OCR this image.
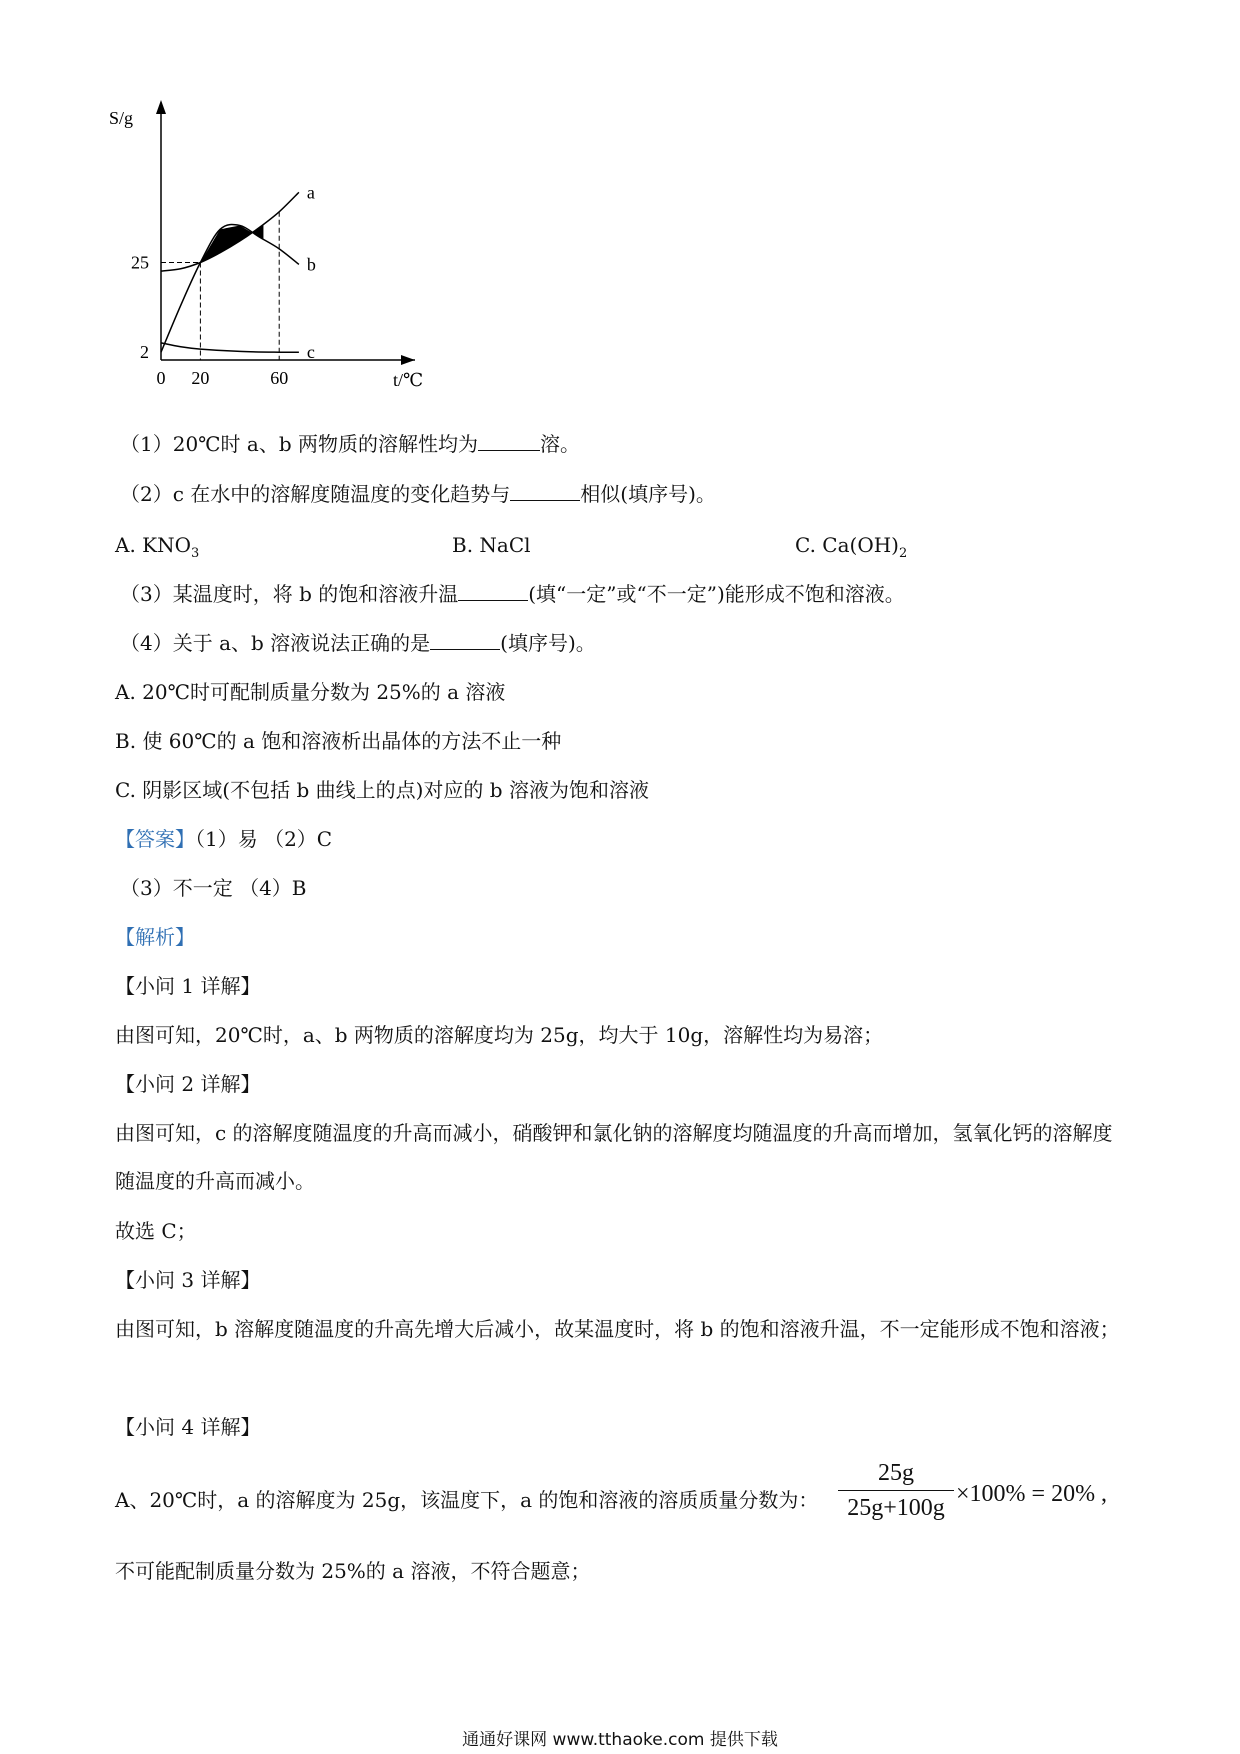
a
b
c
0 20	60
25
2
S/g
t/℃
（1）20℃时 a、b 两物质的溶解性均为	溶。
（2）c 在水中的溶解度随温度的变化趋势与	相似(填序号)。
A. $KNO_3$	B. NaCl	C. $Ca(OH)_2$
（3）某温度时，将 b 的饱和溶液升温	(填“一定”或“不一定”)能形成不饱和溶液。
（4）关于 a、b 溶液说法正确的是	(填序号)。
A. 20℃时可配制质量分数为 25%的 a 溶液
B. 使 60℃的 a 饱和溶液析出晶体的方法不止一种
C. 阴影区域(不包括 b 曲线上的点)对应的 b 溶液为饱和溶液
【答案】（1）易 （2）C
（3）不一定 （4）B
【解析】
【小问 1 详解】
由图可知，20℃时，a、b 两物质的溶解度均为 25g，均大于 10g，溶解性均为易溶；
【小问 2 详解】
由图可知，c 的溶解度随温度的升高而减小，硝酸钾和氯化钠的溶解度均随温度的升高而增加，氢氧化钙的溶解度随温度的升高而减小。
故选 C；
【小问 3 详解】
由图可知，b 溶解度随温度的升高先增大后减小，故某温度时，将 b 的饱和溶液升温，不一定能形成不饱和溶液；
【小问 4 详解】
A、20℃时，a 的溶解度为 25g，该温度下，a 的饱和溶液的溶质质量分数为：
25g
25g+100g
×100% = 20% ,
不可能配制质量分数为 25%的 a 溶液，不符合题意；
通通好课网 www.tthaoke.com 提供下载
